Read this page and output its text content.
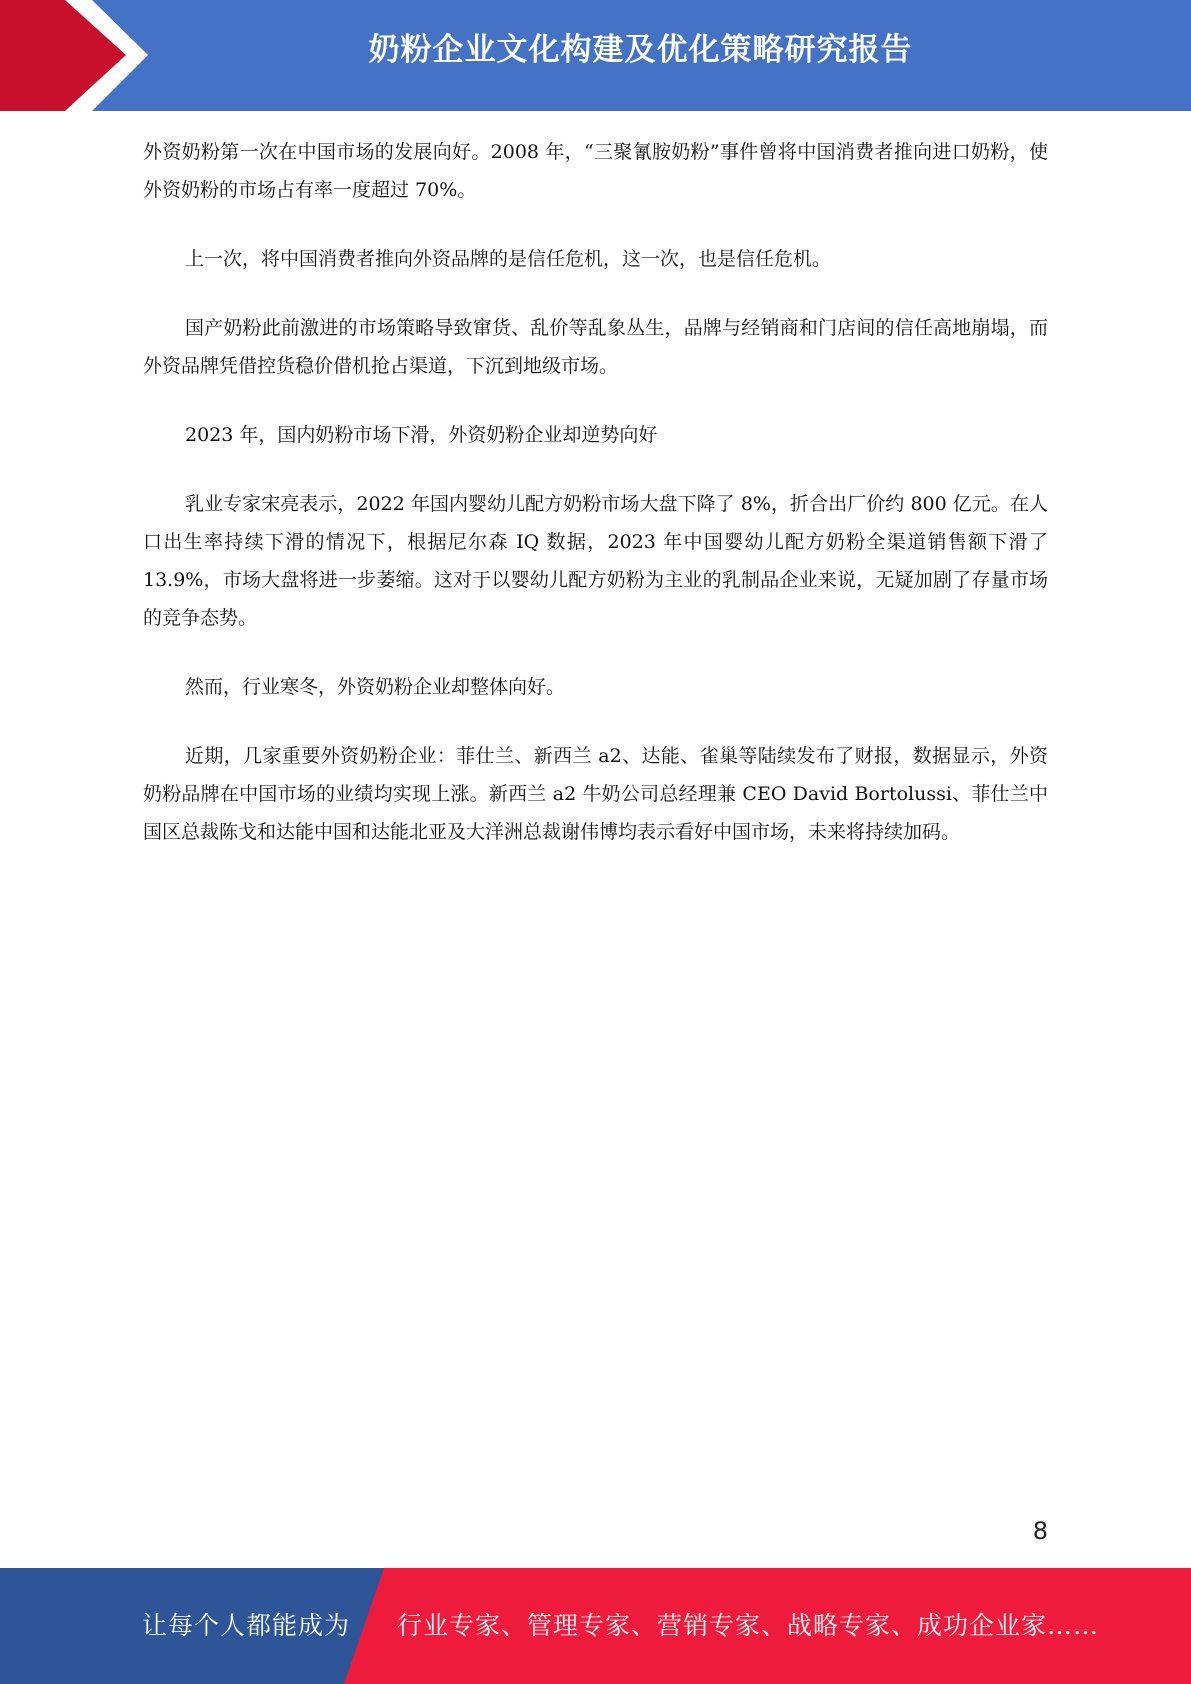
奶粉企业文化构建及优化策略研究报告

外资奶粉第一次在中国市场的发展向好。2008 年，“三聚氰胺奶粉”事件曾将中国消费者推向进口奶粉，使外资奶粉的市场占有率一度超过 70%。

上一次，将中国消费者推向外资品牌的是信任危机，这一次，也是信任危机。

国产奶粉此前激进的市场策略导致窜货、乱价等乱象丛生，品牌与经销商和门店间的信任高地崩塌，而外资品牌凭借控货稳价借机抢占渠道，下沉到地级市场。

2023 年，国内奶粉市场下滑，外资奶粉企业却逆势向好

乳业专家宋亮表示，2022 年国内婴幼儿配方奶粉市场大盘下降了 8%，折合出厂价约 800 亿元。在人口出生率持续下滑的情况下，根据尼尔森 IQ 数据，2023 年中国婴幼儿配方奶粉全渠道销售额下滑了 13.9%，市场大盘将进一步萎缩。这对于以婴幼儿配方奶粉为主业的乳制品企业来说，无疑加剧了存量市场的竞争态势。

然而，行业寒冬，外资奶粉企业却整体向好。

近期，几家重要外资奶粉企业：菲仕兰、新西兰 a2、达能、雀巢等陆续发布了财报，数据显示，外资奶粉品牌在中国市场的业绩均实现上涨。新西兰 a2 牛奶公司总经理兼 CEO David Bortolussi、菲仕兰中国区总裁陈戈和达能中国和达能北亚及大洋洲总裁谢伟博均表示看好中国市场，未来将持续加码。

8
让每个人都能成为 行业专家、管理专家、营销专家、战略专家、成功企业家……
